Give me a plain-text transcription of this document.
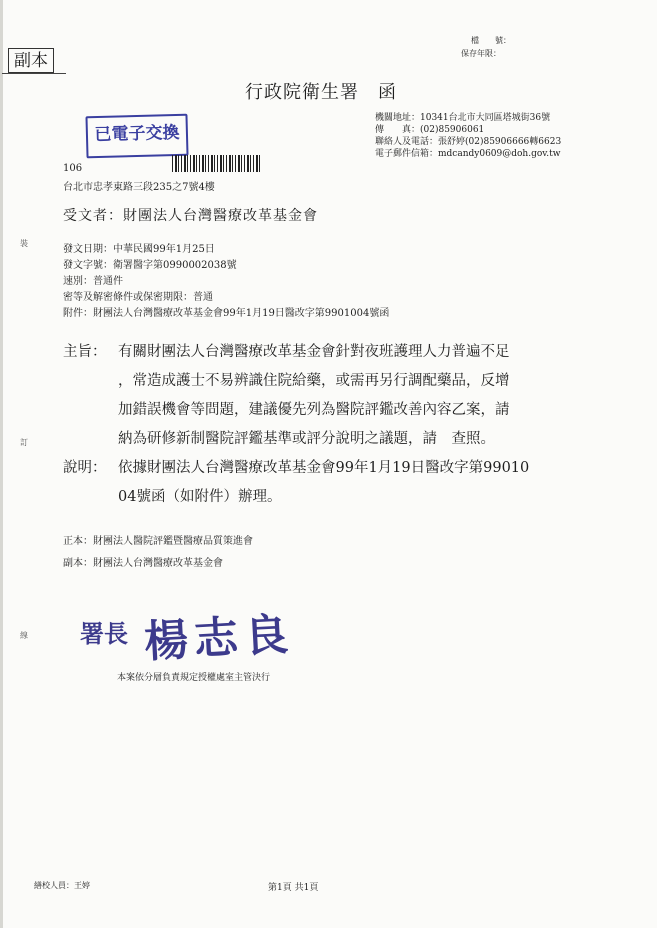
檔　　號：
保存年限：
副本
行政院衛生署　函
機關地址：10341台北市大同區塔城街36號
傳　　真：(02)85906061
聯絡人及電話：張舒婷(02)85906666轉6623
電子郵件信箱：mdcandy0609@doh.gov.tw
已電子交換
106
台北市忠孝東路三段235之7號4樓
受文者：財團法人台灣醫療改革基金會
發文日期：中華民國99年1月25日
發文字號：衛署醫字第0990002038號
速別：普通件
密等及解密條件或保密期限：普通
附件：財團法人台灣醫療改革基金會99年1月19日醫改字第9901004號函
主旨： 有關財團法人台灣醫療改革基金會針對夜班護理人力普遍不足
，常造成護士不易辨識住院給藥，或需再另行調配藥品，反增
加錯誤機會等問題，建議優先列為醫院評鑑改善內容乙案，請
納為研修新制醫院評鑑基準或評分說明之議題，請　查照。
說明： 依據財團法人台灣醫療改革基金會99年1月19日醫改字第99010
04號函（如附件）辦理。
正本：財團法人醫院評鑑暨醫療品質策進會
副本：財團法人台灣醫療改革基金會
署長 楊志良
本案依分層負責規定授權處室主管決行
裝
訂
線
繕校人員：王婷	第1頁 共1頁
